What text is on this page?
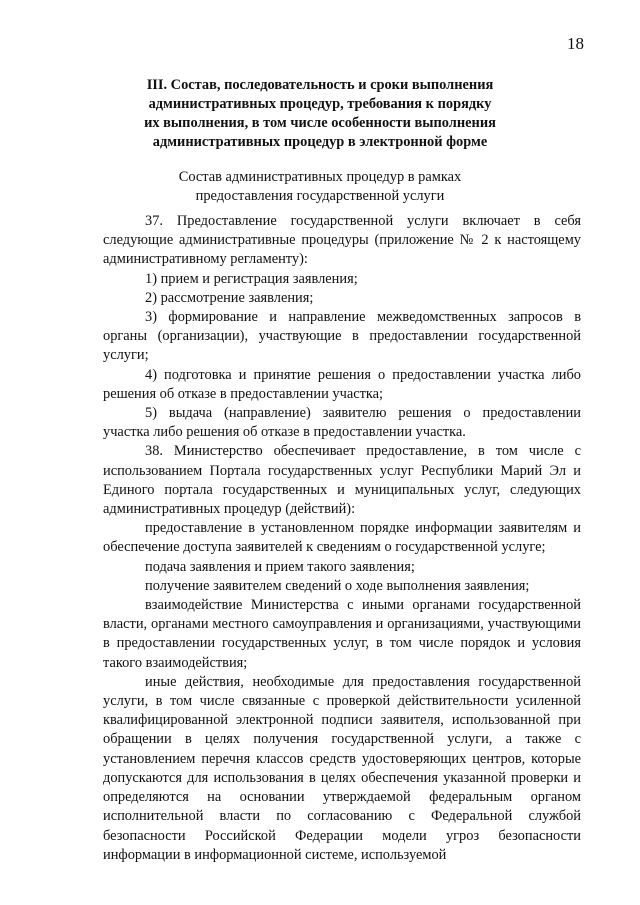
18
III. Состав, последовательность и сроки выполнения
административных процедур, требования к порядку
их выполнения, в том числе особенности выполнения
административных процедур в электронной форме
Состав административных процедур в рамках
предоставления государственной услуги

37. Предоставление государственной услуги включает в себя следующие административные процедуры (приложение № 2 к настоящему административному регламенту):

1) прием и регистрация заявления;

2) рассмотрение заявления;

3) формирование и направление межведомственных запросов в органы (организации), участвующие в предоставлении государственной услуги;

4) подготовка и принятие решения о предоставлении участка либо решения об отказе в предоставлении участка;

5) выдача (направление) заявителю решения о предоставлении участка либо решения об отказе в предоставлении участка.

38. Министерство обеспечивает предоставление, в том числе с использованием Портала государственных услуг Республики Марий Эл и Единого портала государственных и муниципальных услуг, следующих административных процедур (действий):

предоставление в установленном порядке информации заявителям и обеспечение доступа заявителей к сведениям о государственной услуге;

подача заявления и прием такого заявления;

получение заявителем сведений о ходе выполнения заявления;

взаимодействие Министерства с иными органами государственной власти, органами местного самоуправления и организациями, участвующими в предоставлении государственных услуг, в том числе порядок и условия такого взаимодействия;

иные действия, необходимые для предоставления государственной услуги, в том числе связанные с проверкой действительности усиленной квалифицированной электронной подписи заявителя, использованной при обращении в целях получения государственной услуги, а также с установлением перечня классов средств удостоверяющих центров, которые допускаются для использования в целях обеспечения указанной проверки и определяются на основании утверждаемой федеральным органом исполнительной власти по согласованию с Федеральной службой безопасности Российской Федерации модели угроз безопасности информации в информационной системе, используемой
